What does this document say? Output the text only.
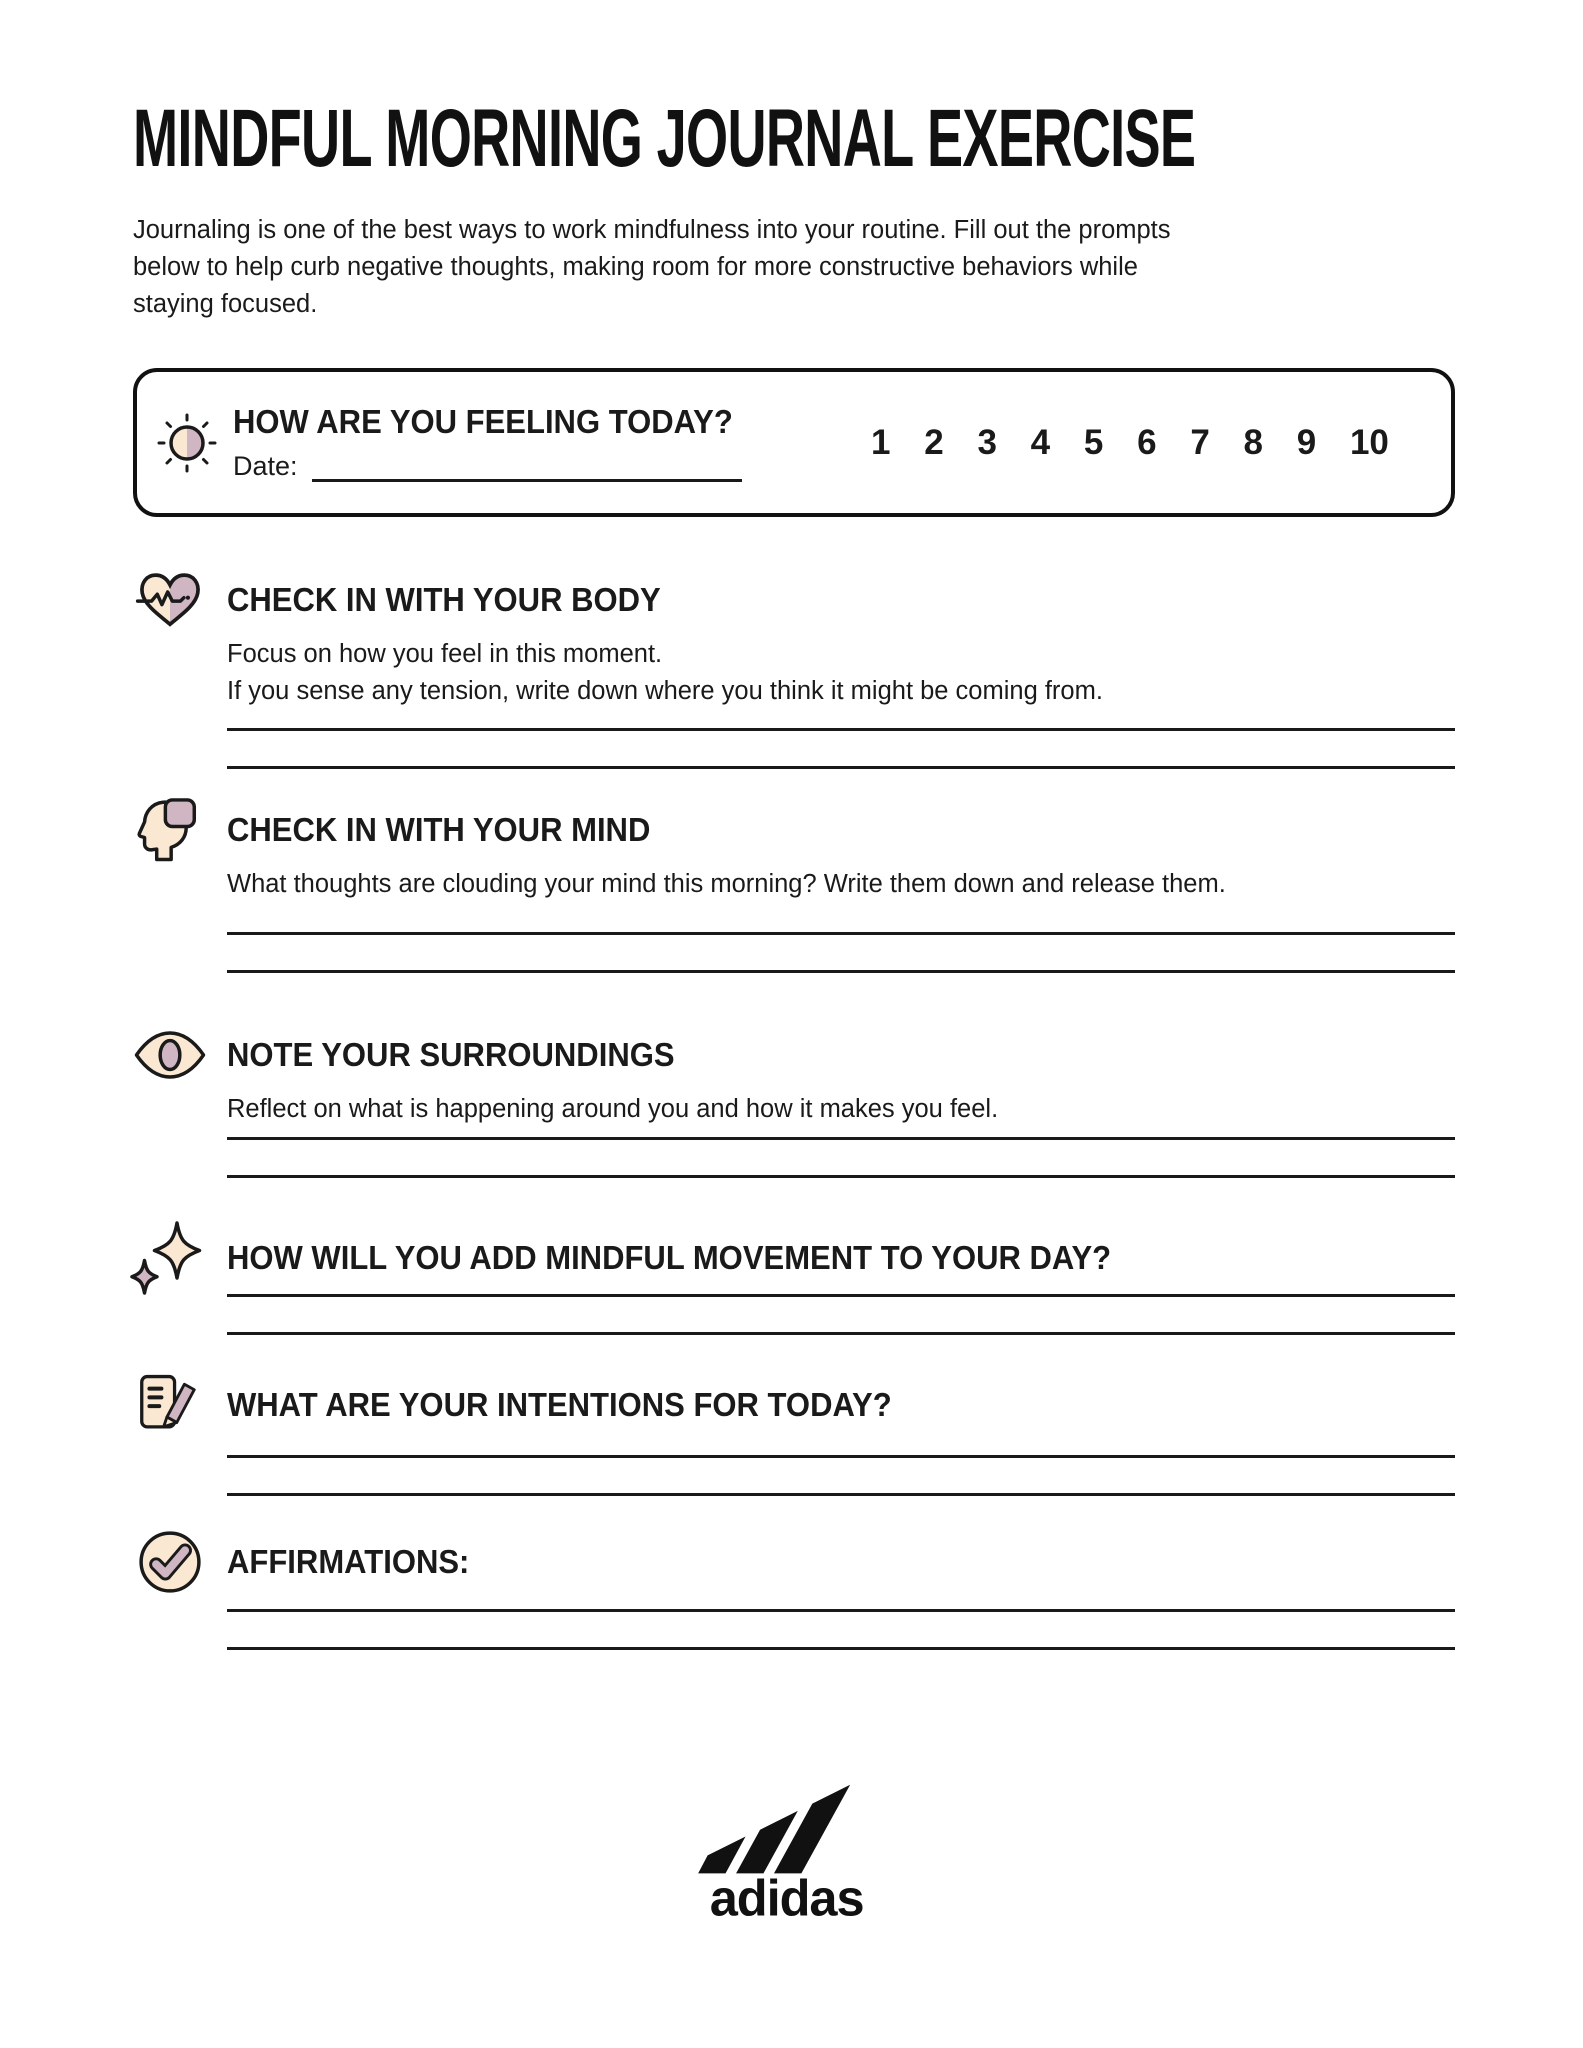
MINDFUL MORNING JOURNAL EXERCISE
Journaling is one of the best ways to work mindfulness into your routine. Fill out the prompts
below to help curb negative thoughts, making room for more constructive behaviors while
staying focused.
HOW ARE YOU FEELING TODAY?
Date:
1 2 3 4 5 6 7 8 9 10
CHECK IN WITH YOUR BODY

Focus on how you feel in this moment.

If you sense any tension, write down where you think it might be coming from.

CHECK IN WITH YOUR MIND

What thoughts are clouding your mind this morning? Write them down and release them.

NOTE YOUR SURROUNDINGS

Reflect on what is happening around you and how it makes you feel.

HOW WILL YOU ADD MINDFUL MOVEMENT TO YOUR DAY?
WHAT ARE YOUR INTENTIONS FOR TODAY?
AFFIRMATIONS:
adidas
